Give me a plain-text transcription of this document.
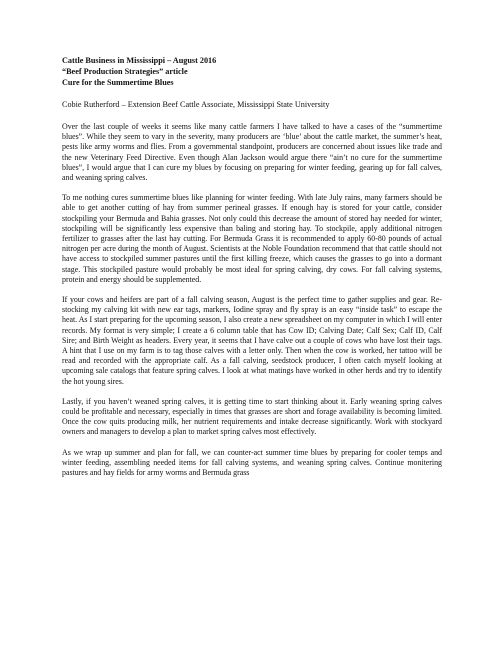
Cattle Business in Mississippi – August 2016
“Beef Production Strategies” article
Cure for the Summertime Blues
Cobie Rutherford – Extension Beef Cattle Associate, Mississippi State University

Over the last couple of weeks it seems like many cattle farmers I have talked to have a cases of the “summertime blues”. While they seem to vary in the severity, many producers are ‘blue’ about the cattle market, the summer’s heat, pests like army worms and flies. From a governmental standpoint, producers are concerned about issues like trade and the new Veterinary Feed Directive. Even though Alan Jackson would argue there “ain’t no cure for the summertime blues”, I would argue that I can cure my blues by focusing on preparing for winter feeding, gearing up for fall calves, and weaning spring calves.

To me nothing cures summertime blues like planning for winter feeding. With late July rains, many farmers should be able to get another cutting of hay from summer perineal grasses. If enough hay is stored for your cattle, consider stockpiling your Bermuda and Bahia grasses. Not only could this decrease the amount of stored hay needed for winter, stockpiling will be significantly less expensive than baling and storing hay. To stockpile, apply additional nitrogen fertilizer to grasses after the last hay cutting. For Bermuda Grass it is recommended to apply 60-80 pounds of actual nitrogen per acre during the month of August. Scientists at the Noble Foundation recommend that that cattle should not have access to stockpiled summer pastures until the first killing freeze, which causes the grasses to go into a dormant stage. This stockpiled pasture would probably be most ideal for spring calving, dry cows. For fall calving systems, protein and energy should be supplemented.

If your cows and heifers are part of a fall calving season, August is the perfect time to gather supplies and gear. Re-stocking my calving kit with new ear tags, markers, Iodine spray and fly spray is an easy “inside task” to escape the heat. As I start preparing for the upcoming season, I also create a new spreadsheet on my computer in which I will enter records. My format is very simple; I create a 6 column table that has Cow ID; Calving Date; Calf Sex; Calf ID, Calf Sire; and Birth Weight as headers. Every year, it seems that I have calve out a couple of cows who have lost their tags. A hint that I use on my farm is to tag those calves with a letter only. Then when the cow is worked, her tattoo will be read and recorded with the appropriate calf. As a fall calving, seedstock producer, I often catch myself looking at upcoming sale catalogs that feature spring calves. I look at what matings have worked in other herds and try to identify the hot young sires.

Lastly, if you haven’t weaned spring calves, it is getting time to start thinking about it. Early weaning spring calves could be profitable and necessary, especially in times that grasses are short and forage availability is becoming limited. Once the cow quits producing milk, her nutrient requirements and intake decrease significantly. Work with stockyard owners and managers to develop a plan to market spring calves most effectively.

As we wrap up summer and plan for fall, we can counter-act summer time blues by preparing for cooler temps and winter feeding, assembling needed items for fall calving systems, and weaning spring calves. Continue monitering pastures and hay fields for army worms and Bermuda grass
